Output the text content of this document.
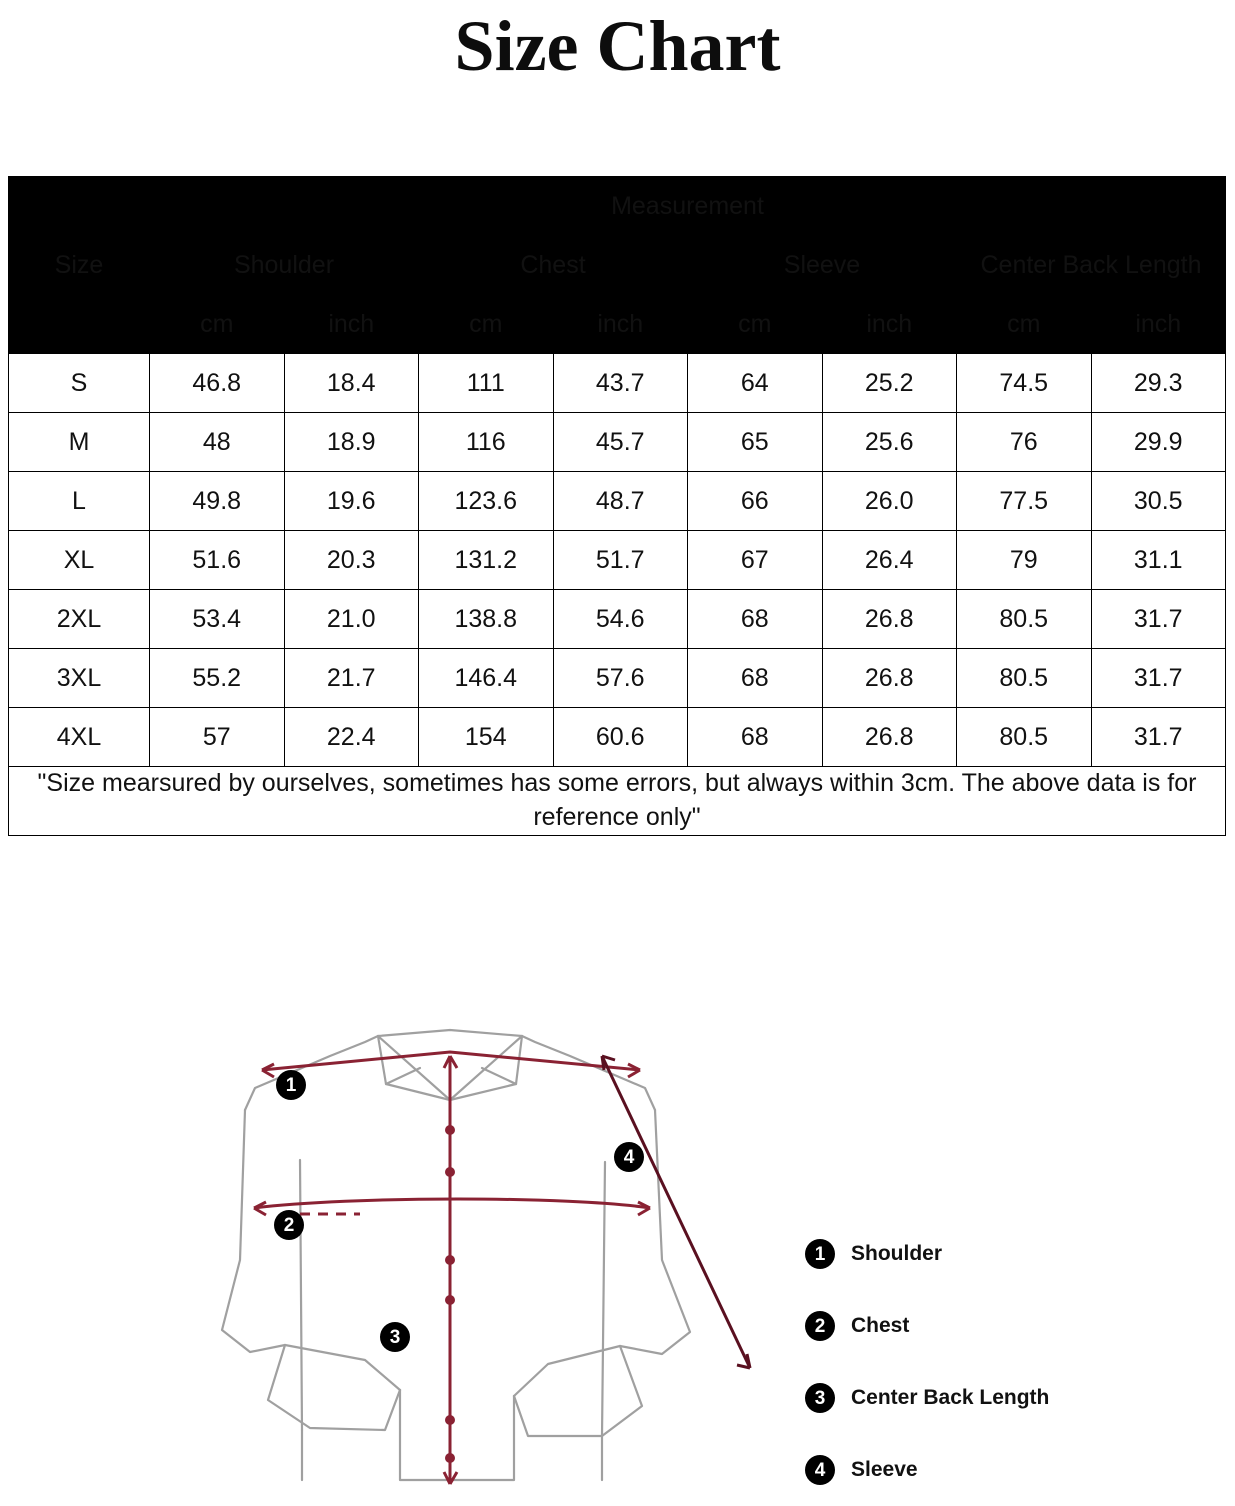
Size Chart
Size	Measurement							
	Shoulder		Chest		Sleeve		Center Back Length	
	cm	inch	cm	inch	cm	inch	cm	inch
S	46.8	18.4	111	43.7	64	25.2	74.5	29.3
M	48	18.9	116	45.7	65	25.6	76	29.9
L	49.8	19.6	123.6	48.7	66	26.0	77.5	30.5
XL	51.6	20.3	131.2	51.7	67	26.4	79	31.1
2XL	53.4	21.0	138.8	54.6	68	26.8	80.5	31.7
3XL	55.2	21.7	146.4	57.6	68	26.8	80.5	31.7
4XL	57	22.4	154	60.6	68	26.8	80.5	31.7
"Size mearsured by ourselves, sometimes has some errors, but always within 3cm. The above data is for reference only"								
1
2
3
4
1	Shoulder
2	Chest
3	Center Back Length
4	Sleeve
